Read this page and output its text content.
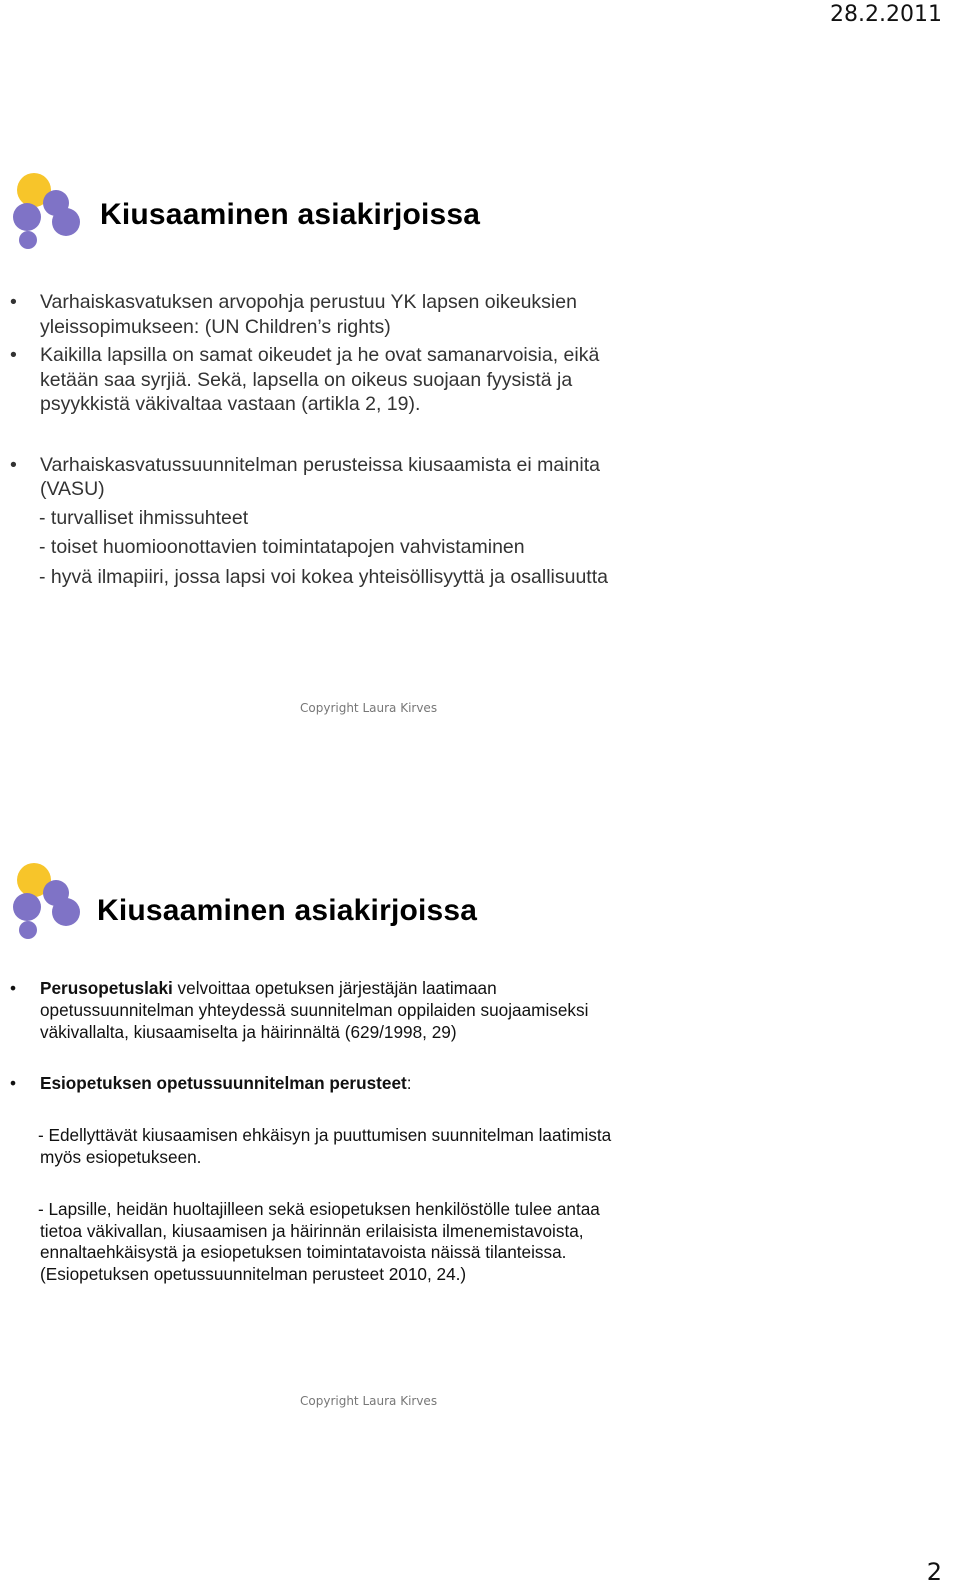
28.2.2011
Kiusaaminen asiakirjoissa
• Varhaiskasvatuksen arvopohja perustuu YK lapsen oikeuksien
yleissopimukseen: (UN Children’s rights)
• Kaikilla lapsilla on samat oikeudet ja he ovat samanarvoisia, eikä
ketään saa syrjiä. Sekä, lapsella on oikeus suojaan fyysistä ja
psyykkistä väkivaltaa vastaan (artikla 2, 19).
• Varhaiskasvatussuunnitelman perusteissa kiusaamista ei mainita
(VASU)
- turvalliset ihmissuhteet
- toiset huomioonottavien toimintatapojen vahvistaminen
- hyvä ilmapiiri, jossa lapsi voi kokea yhteisöllisyyttä ja osallisuutta
Copyright Laura Kirves
Kiusaaminen asiakirjoissa
• Perusopetuslaki velvoittaa opetuksen järjestäjän laatimaan
opetussuunnitelman yhteydessä suunnitelman oppilaiden suojaamiseksi
väkivallalta, kiusaamiselta ja häirinnältä (629/1998, 29)
• Esiopetuksen opetussuunnitelman perusteet:
- Edellyttävät kiusaamisen ehkäisyn ja puuttumisen suunnitelman laatimista
myös esiopetukseen.
- Lapsille, heidän huoltajilleen sekä esiopetuksen henkilöstölle tulee antaa
tietoa väkivallan, kiusaamisen ja häirinnän erilaisista ilmenemistavoista,
ennaltaehkäisystä ja esiopetuksen toimintatavoista näissä tilanteissa.
(Esiopetuksen opetussuunnitelman perusteet 2010, 24.)
Copyright Laura Kirves
2
